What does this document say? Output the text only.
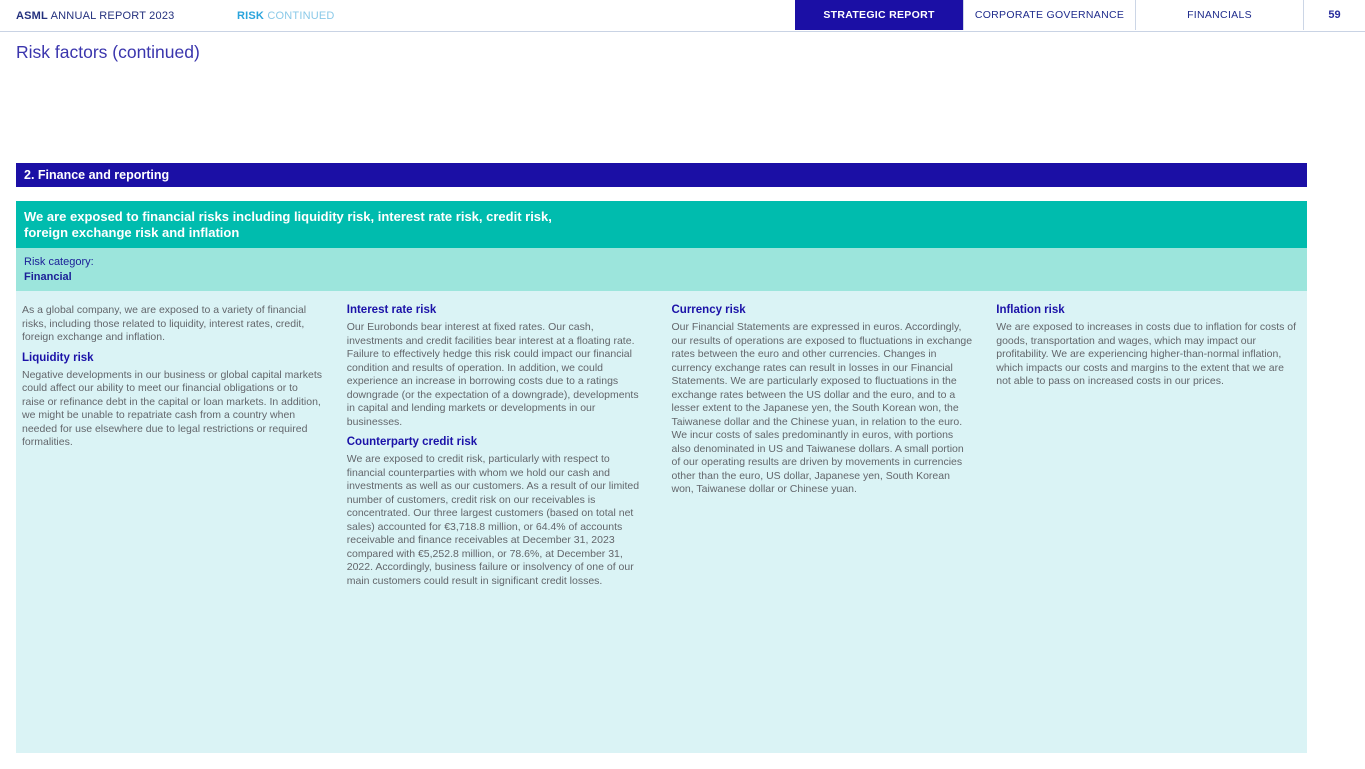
ASML ANNUAL REPORT 2023	RISK CONTINUED	STRATEGIC REPORT	CORPORATE GOVERNANCE	FINANCIALS	59
Risk factors (continued)
2. Finance and reporting
We are exposed to financial risks including liquidity risk, interest rate risk, credit risk,
foreign exchange risk and inflation
Risk category:
Financial

As a global company, we are exposed to a variety of financial risks, including those related to liquidity, interest rates, credit, foreign exchange and inflation.

Liquidity risk

Negative developments in our business or global capital markets could affect our ability to meet our financial obligations or to raise or refinance debt in the capital or loan markets. In addition, we might be unable to repatriate cash from a country when needed for use elsewhere due to legal restrictions or required formalities.

Interest rate risk

Our Eurobonds bear interest at fixed rates. Our cash, investments and credit facilities bear interest at a floating rate. Failure to effectively hedge this risk could impact our financial condition and results of operation. In addition, we could experience an increase in borrowing costs due to a ratings downgrade (or the expectation of a downgrade), developments in capital and lending markets or developments in our businesses.

Counterparty credit risk

We are exposed to credit risk, particularly with respect to financial counterparties with whom we hold our cash and investments as well as our customers. As a result of our limited number of customers, credit risk on our receivables is concentrated. Our three largest customers (based on total net sales) accounted for €3,718.8 million, or 64.4% of accounts receivable and finance receivables at December 31, 2023 compared with €5,252.8 million, or 78.6%, at December 31, 2022. Accordingly, business failure or insolvency of one of our main customers could result in significant credit losses.

Currency risk

Our Financial Statements are expressed in euros. Accordingly, our results of operations are exposed to fluctuations in exchange rates between the euro and other currencies. Changes in currency exchange rates can result in losses in our Financial Statements. We are particularly exposed to fluctuations in the exchange rates between the US dollar and the euro, and to a lesser extent to the Japanese yen, the South Korean won, the Taiwanese dollar and the Chinese yuan, in relation to the euro. We incur costs of sales predominantly in euros, with portions also denominated in US and Taiwanese dollars. A small portion of our operating results are driven by movements in currencies other than the euro, US dollar, Japanese yen, South Korean won, Taiwanese dollar or Chinese yuan.

Inflation risk

We are exposed to increases in costs due to inflation for costs of goods, transportation and wages, which may impact our profitability. We are experiencing higher-than-normal inflation, which impacts our costs and margins to the extent that we are not able to pass on increased costs in our prices.
